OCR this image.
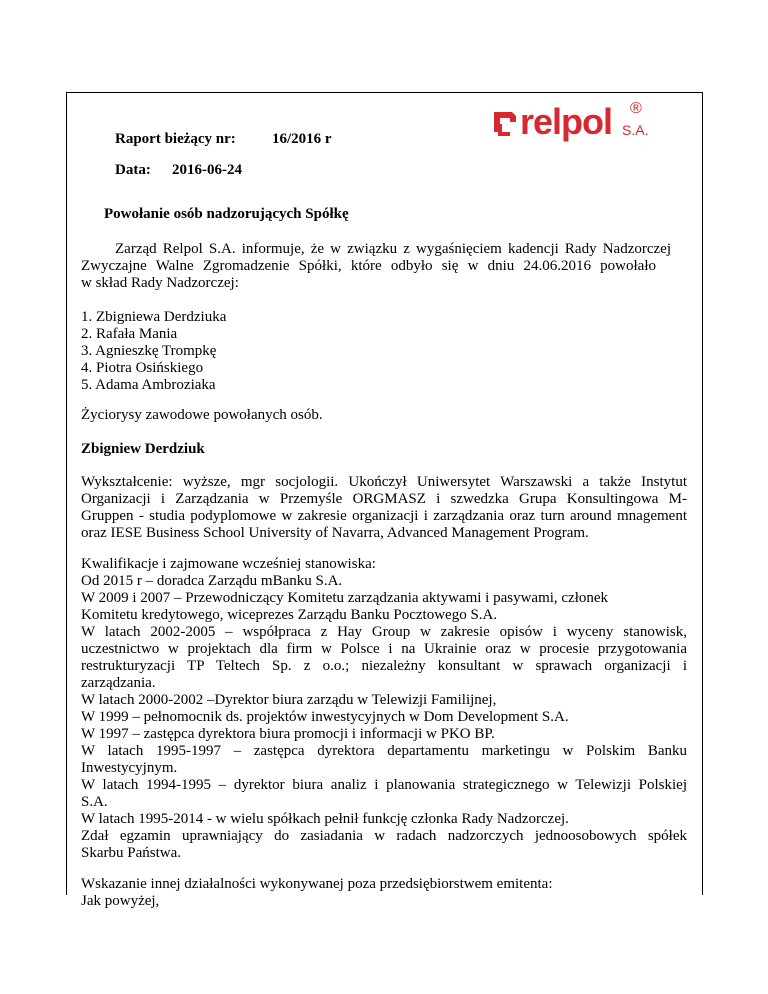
relpol ®
S.A.
Raport bieżący nr: 16/2016 r
Data: 2016-06-24
Powołanie osób nadzorujących Spółkę
Zarząd Relpol S.A. informuje, że w związku z wygaśnięciem kadencji Rady Nadzorczej
Zwyczajne Walne Zgromadzenie Spółki, które odbyło się w dniu 24.06.2016 powołało
w skład Rady Nadzorczej:
1. Zbigniewa Derdziuka
2. Rafała Mania
3. Agnieszkę Trompkę
4. Piotra Osińskiego
5. Adama Ambroziaka
Życiorysy zawodowe powołanych osób.
Zbigniew Derdziuk
Wykształcenie: wyższe, mgr socjologii. Ukończył Uniwersytet Warszawski a także Instytut
Organizacji i Zarządzania w Przemyśle ORGMASZ i szwedzka Grupa Konsultingowa M-
Gruppen - studia podyplomowe w zakresie organizacji i zarządzania oraz turn around mnagement
oraz IESE Business School University of Navarra, Advanced Management Program.
Kwalifikacje i zajmowane wcześniej stanowiska:
Od 2015 r – doradca Zarządu mBanku S.A.
W 2009 i 2007 – Przewodniczący Komitetu zarządzania aktywami i pasywami, członek
Komitetu kredytowego, wiceprezes Zarządu Banku Pocztowego S.A.
W latach 2002-2005 – współpraca z Hay Group w zakresie opisów i wyceny stanowisk,
uczestnictwo w projektach dla firm w Polsce i na Ukrainie oraz w procesie przygotowania
restrukturyzacji TP Teltech Sp. z o.o.; niezależny konsultant w sprawach organizacji i
zarządzania.
W latach 2000-2002 –Dyrektor biura zarządu w Telewizji Familijnej,
W 1999 – pełnomocnik ds. projektów inwestycyjnych w Dom Development S.A.
W 1997 – zastępca dyrektora biura promocji i informacji w PKO BP.
W latach 1995-1997 – zastępca dyrektora departamentu marketingu w Polskim Banku
Inwestycyjnym.
W latach 1994-1995 – dyrektor biura analiz i planowania strategicznego w Telewizji Polskiej
S.A.
W latach 1995-2014 - w wielu spółkach pełnił funkcję członka Rady Nadzorczej.
Zdał egzamin uprawniający do zasiadania w radach nadzorczych jednoosobowych spółek
Skarbu Państwa.
Wskazanie innej działalności wykonywanej poza przedsiębiorstwem emitenta:
Jak powyżej,
